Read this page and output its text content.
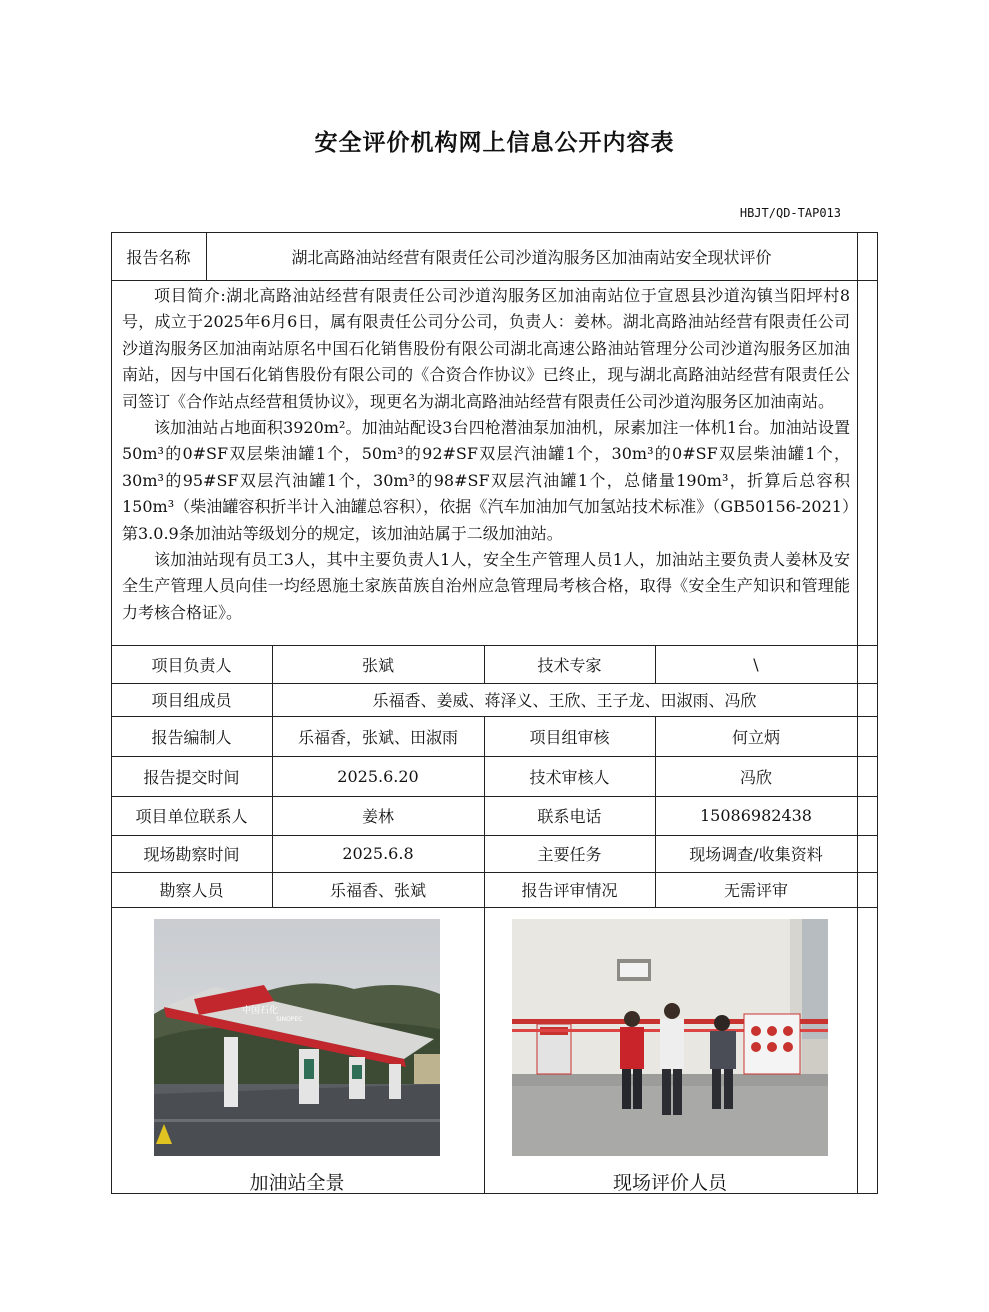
安全评价机构网上信息公开内容表
HBJT/QD-TAP013
报告名称	湖北高路油站经营有限责任公司沙道沟服务区加油南站安全现状评价

项目简介:湖北高路油站经营有限责任公司沙道沟服务区加油南站位于宣恩县沙道沟镇当阳坪村8号，成立于2025年6月6日，属有限责任公司分公司，负责人：姜林。湖北高路油站经营有限责任公司沙道沟服务区加油南站原名中国石化销售股份有限公司湖北高速公路油站管理分公司沙道沟服务区加油南站，因与中国石化销售股份有限公司的《合资合作协议》已终止，现与湖北高路油站经营有限责任公司签订《合作站点经营租赁协议》，现更名为湖北高路油站经营有限责任公司沙道沟服务区加油南站。

该加油站占地面积3920m²。加油站配设3台四枪潜油泵加油机，尿素加注一体机1台。加油站设置50m³的0#SF双层柴油罐1个，50m³的92#SF双层汽油罐1个，30m³的0#SF双层柴油罐1个，30m³的95#SF双层汽油罐1个，30m³的98#SF双层汽油罐1个，总储量190m³，折算后总容积 150m³（柴油罐容积折半计入油罐总容积），依据《汽车加油加气加氢站技术标准》（GB50156-2021）第3.0.9条加油站等级划分的规定，该加油站属于二级加油站。

该加油站现有员工3人，其中主要负责人1人，安全生产管理人员1人，加油站主要负责人姜林及安全生产管理人员向佳一均经恩施土家族苗族自治州应急管理局考核合格，取得《安全生产知识和管理能力考核合格证》。

项目负责人	张斌	技术专家	\
项目组成员	乐福香、姜威、蒋泽义、王欣、王子龙、田淑雨、冯欣
报告编制人	乐福香，张斌、田淑雨	项目组审核	何立炳
报告提交时间	2025.6.20	技术审核人	冯欣
项目单位联系人	姜林	联系电话	15086982438
现场勘察时间	2025.6.8	主要任务	现场调查/收集资料
勘察人员	乐福香、张斌	报告评审情况	无需评审
中国石化
SINOPEC
加油站全景	现场评价人员
